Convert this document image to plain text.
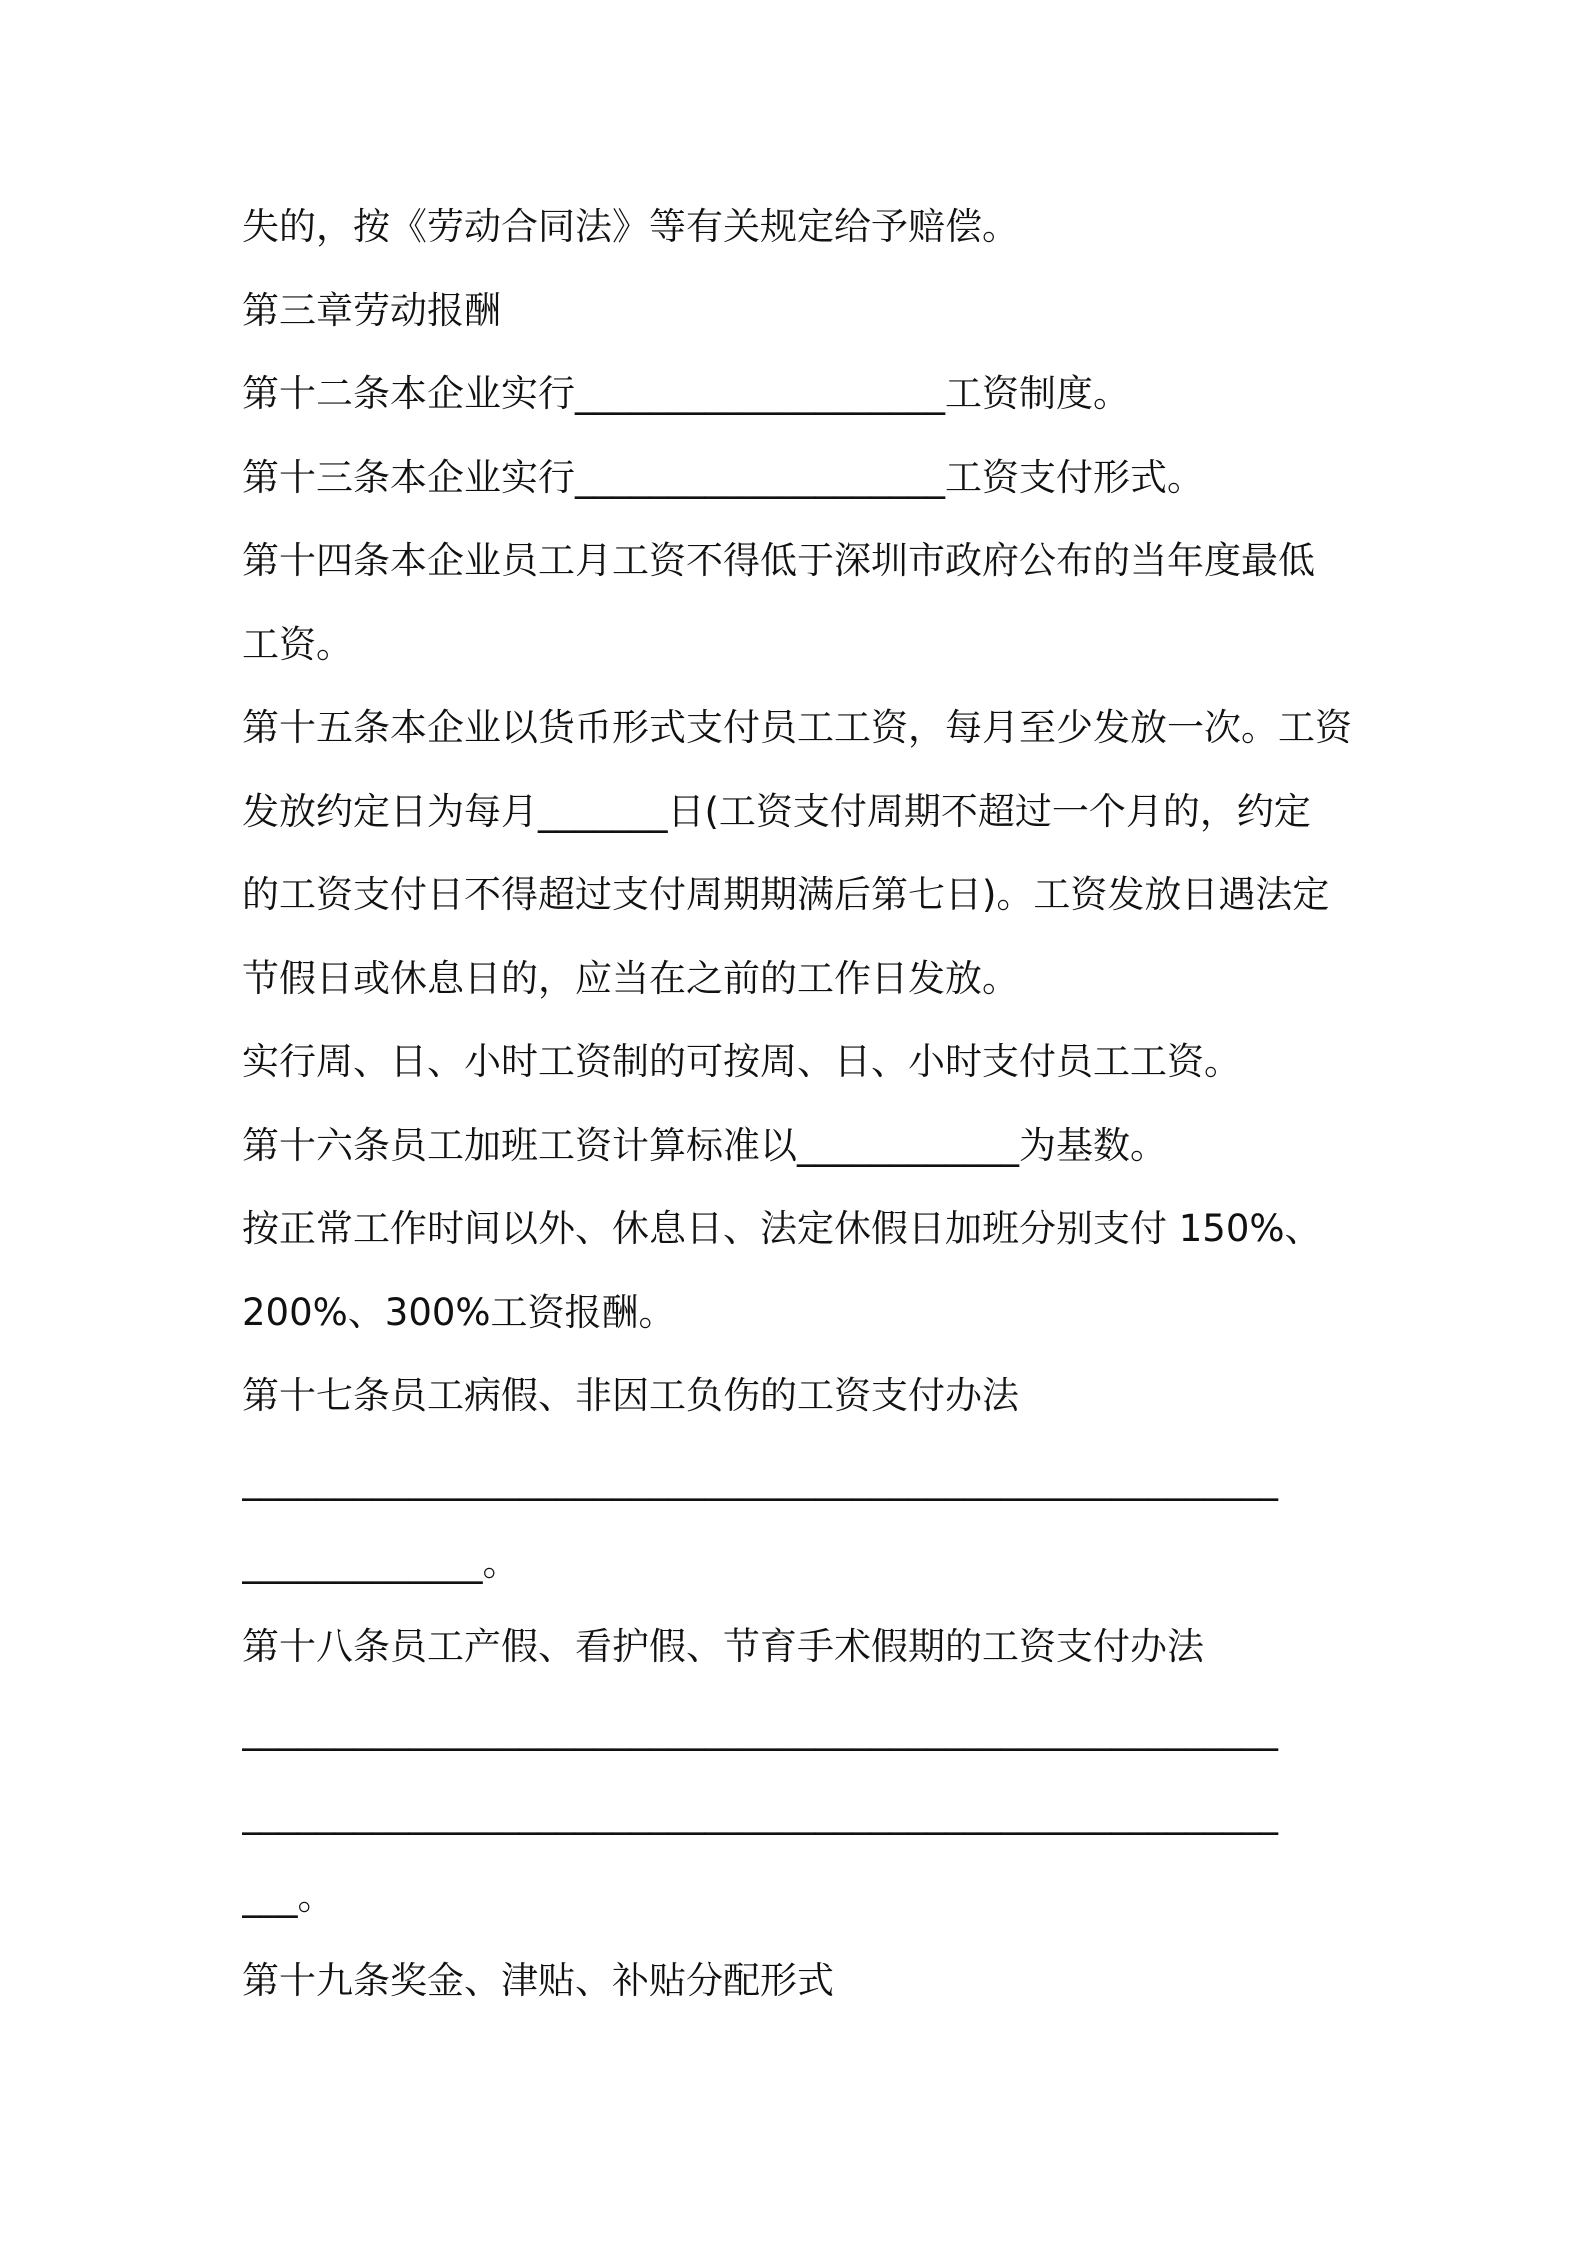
失的，按《劳动合同法》等有关规定给予赔偿。
第三章劳动报酬
第十二条本企业实行____________________工资制度。
第十三条本企业实行____________________工资支付形式。
第十四条本企业员工月工资不得低于深圳市政府公布的当年度最低
工资。
第十五条本企业以货币形式支付员工工资，每月至少发放一次。工资
发放约定日为每月_______日(工资支付周期不超过一个月的，约定
的工资支付日不得超过支付周期期满后第七日)。工资发放日遇法定
节假日或休息日的，应当在之前的工作日发放。
实行周、日、小时工资制的可按周、日、小时支付员工工资。
第十六条员工加班工资计算标准以____________为基数。
按正常工作时间以外、休息日、法定休假日加班分别支付 150%、
200%、300%工资报酬。
第十七条员工病假、非因工负伤的工资支付办法
________________________________________________________
_____________。
第十八条员工产假、看护假、节育手术假期的工资支付办法
________________________________________________________
________________________________________________________
___。
第十九条奖金、津贴、补贴分配形式
